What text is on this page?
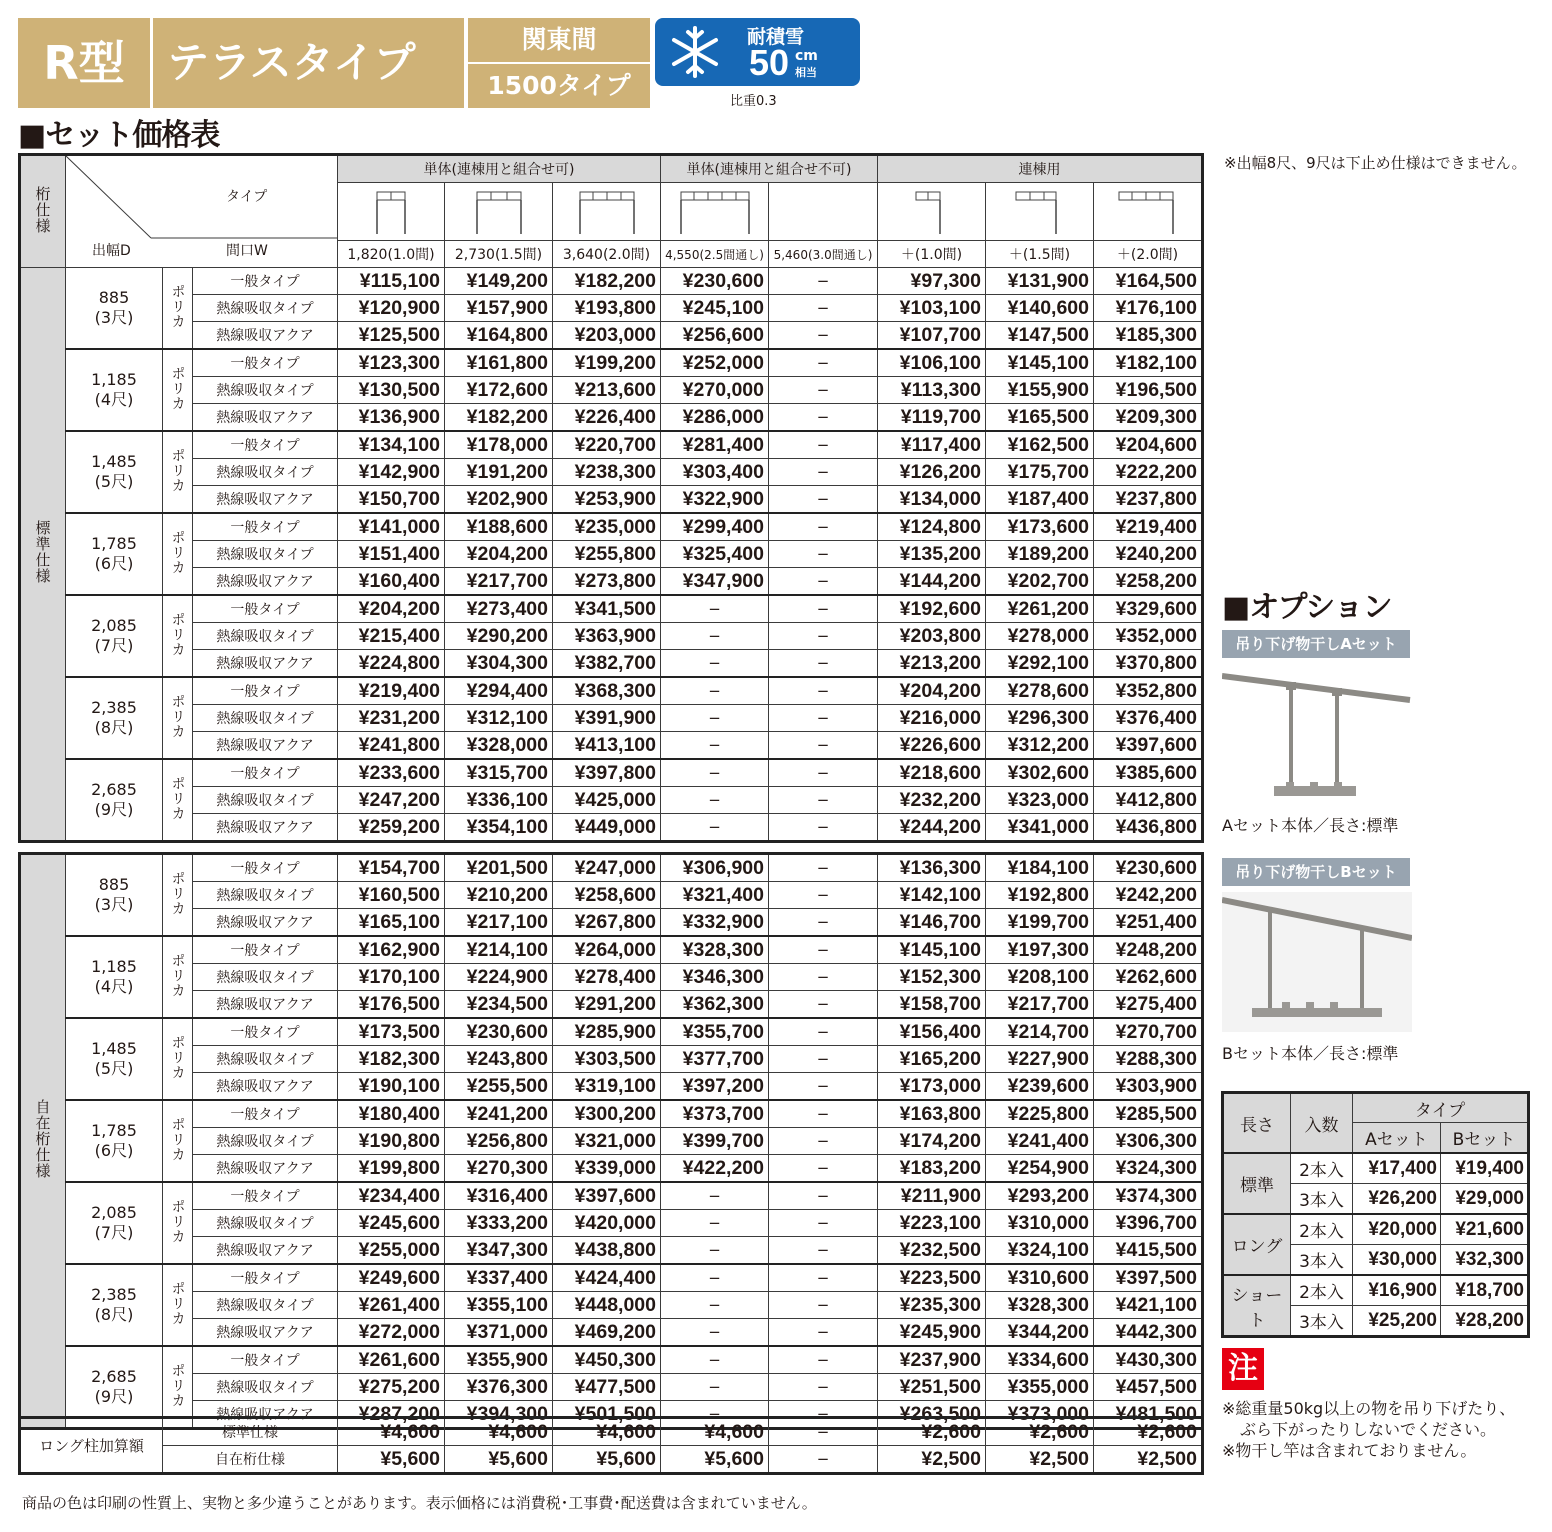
R型	テラスタイプ	関東間
1500タイプ
耐積雪
50 cm
相当
比重0.3
■セット価格表
※出幅8尺、9尺は下止め仕様はできません。
桁仕様	タイプ
出幅D 間口W			単体(連棟用と組合せ可)			単体(連棟用と組合せ不可)		連棟用		

				1,820(1.0間)	2,730(1.5間)	3,640(2.0間)	4,550(2.5間通し)	5,460(3.0間通し)	＋(1.0間)	＋(1.5間)	＋(2.0間)
標準仕様	885
(3尺)	ポリカ	一般タイプ	¥115,100	¥149,200	¥182,200	¥230,600	−	¥97,300	¥131,900	¥164,500
			熱線吸収タイプ	¥120,900	¥157,900	¥193,800	¥245,100	−	¥103,100	¥140,600	¥176,100
			熱線吸収アクア	¥125,500	¥164,800	¥203,000	¥256,600	−	¥107,700	¥147,500	¥185,300

	1,185
(4尺)	ポリカ	一般タイプ	¥123,300	¥161,800	¥199,200	¥252,000	−	¥106,100	¥145,100	¥182,100
			熱線吸収タイプ	¥130,500	¥172,600	¥213,600	¥270,000	−	¥113,300	¥155,900	¥196,500
			熱線吸収アクア	¥136,900	¥182,200	¥226,400	¥286,000	−	¥119,700	¥165,500	¥209,300

	1,485
(5尺)	ポリカ	一般タイプ	¥134,100	¥178,000	¥220,700	¥281,400	−	¥117,400	¥162,500	¥204,600
			熱線吸収タイプ	¥142,900	¥191,200	¥238,300	¥303,400	−	¥126,200	¥175,700	¥222,200
			熱線吸収アクア	¥150,700	¥202,900	¥253,900	¥322,900	−	¥134,000	¥187,400	¥237,800

	1,785
(6尺)	ポリカ	一般タイプ	¥141,000	¥188,600	¥235,000	¥299,400	−	¥124,800	¥173,600	¥219,400
			熱線吸収タイプ	¥151,400	¥204,200	¥255,800	¥325,400	−	¥135,200	¥189,200	¥240,200
			熱線吸収アクア	¥160,400	¥217,700	¥273,800	¥347,900	−	¥144,200	¥202,700	¥258,200

	2,085
(7尺)	ポリカ	一般タイプ	¥204,200	¥273,400	¥341,500	−	−	¥192,600	¥261,200	¥329,600
			熱線吸収タイプ	¥215,400	¥290,200	¥363,900	−	−	¥203,800	¥278,000	¥352,000
			熱線吸収アクア	¥224,800	¥304,300	¥382,700	−	−	¥213,200	¥292,100	¥370,800

	2,385
(8尺)	ポリカ	一般タイプ	¥219,400	¥294,400	¥368,300	−	−	¥204,200	¥278,600	¥352,800
			熱線吸収タイプ	¥231,200	¥312,100	¥391,900	−	−	¥216,000	¥296,300	¥376,400
			熱線吸収アクア	¥241,800	¥328,000	¥413,100	−	−	¥226,600	¥312,200	¥397,600

	2,685
(9尺)	ポリカ	一般タイプ	¥233,600	¥315,700	¥397,800	−	−	¥218,600	¥302,600	¥385,600
			熱線吸収タイプ	¥247,200	¥336,100	¥425,000	−	−	¥232,200	¥323,000	¥412,800
			熱線吸収アクア	¥259,200	¥354,100	¥449,000	−	−	¥244,200	¥341,000	¥436,800

自在桁仕様	885
(3尺)	ポリカ	一般タイプ	¥154,700	¥201,500	¥247,000	¥306,900	−	¥136,300	¥184,100	¥230,600
			熱線吸収タイプ	¥160,500	¥210,200	¥258,600	¥321,400	−	¥142,100	¥192,800	¥242,200
			熱線吸収アクア	¥165,100	¥217,100	¥267,800	¥332,900	−	¥146,700	¥199,700	¥251,400

	1,185
(4尺)	ポリカ	一般タイプ	¥162,900	¥214,100	¥264,000	¥328,300	−	¥145,100	¥197,300	¥248,200
			熱線吸収タイプ	¥170,100	¥224,900	¥278,400	¥346,300	−	¥152,300	¥208,100	¥262,600
			熱線吸収アクア	¥176,500	¥234,500	¥291,200	¥362,300	−	¥158,700	¥217,700	¥275,400

	1,485
(5尺)	ポリカ	一般タイプ	¥173,500	¥230,600	¥285,900	¥355,700	−	¥156,400	¥214,700	¥270,700
			熱線吸収タイプ	¥182,300	¥243,800	¥303,500	¥377,700	−	¥165,200	¥227,900	¥288,300
			熱線吸収アクア	¥190,100	¥255,500	¥319,100	¥397,200	−	¥173,000	¥239,600	¥303,900

	1,785
(6尺)	ポリカ	一般タイプ	¥180,400	¥241,200	¥300,200	¥373,700	−	¥163,800	¥225,800	¥285,500
			熱線吸収タイプ	¥190,800	¥256,800	¥321,000	¥399,700	−	¥174,200	¥241,400	¥306,300
			熱線吸収アクア	¥199,800	¥270,300	¥339,000	¥422,200	−	¥183,200	¥254,900	¥324,300

	2,085
(7尺)	ポリカ	一般タイプ	¥234,400	¥316,400	¥397,600	−	−	¥211,900	¥293,200	¥374,300
			熱線吸収タイプ	¥245,600	¥333,200	¥420,000	−	−	¥223,100	¥310,000	¥396,700
			熱線吸収アクア	¥255,000	¥347,300	¥438,800	−	−	¥232,500	¥324,100	¥415,500

	2,385
(8尺)	ポリカ	一般タイプ	¥249,600	¥337,400	¥424,400	−	−	¥223,500	¥310,600	¥397,500
			熱線吸収タイプ	¥261,400	¥355,100	¥448,000	−	−	¥235,300	¥328,300	¥421,100
			熱線吸収アクア	¥272,000	¥371,000	¥469,200	−	−	¥245,900	¥344,200	¥442,300

	2,685
(9尺)	ポリカ	一般タイプ	¥261,600	¥355,900	¥450,300	−	−	¥237,900	¥334,600	¥430,300
			熱線吸収タイプ	¥275,200	¥376,300	¥477,500	−	−	¥251,500	¥355,000	¥457,500
			熱線吸収アクア	¥287,200	¥394,300	¥501,500	−	−	¥263,500	¥373,000	¥481,500
ロング柱加算額	標準仕様	¥4,600	¥4,600	¥4,600	¥4,600	−	¥2,600	¥2,600	¥2,600
	自在桁仕様	¥5,600	¥5,600	¥5,600	¥5,600	−	¥2,500	¥2,500	¥2,500
商品の色は印刷の性質上、実物と多少違うことがあります。表示価格には消費税･工事費･配送費は含まれていません。
■オプション
吊り下げ物干しAセット
Aセット本体／長さ:標準
吊り下げ物干しBセット
Bセット本体／長さ:標準
長さ	入数	タイプ	
		Aセット	Bセット
標準	2本入	¥17,400	¥19,400
	3本入	¥26,200	¥29,000
ロング	2本入	¥20,000	¥21,600
	3本入	¥30,000	¥32,300
ショート	2本入	¥16,900	¥18,700
	3本入	¥25,200	¥28,200
注
※総重量50kg以上の物を吊り下げたり、
ぶら下がったりしないでください。
※物干し竿は含まれておりません。
